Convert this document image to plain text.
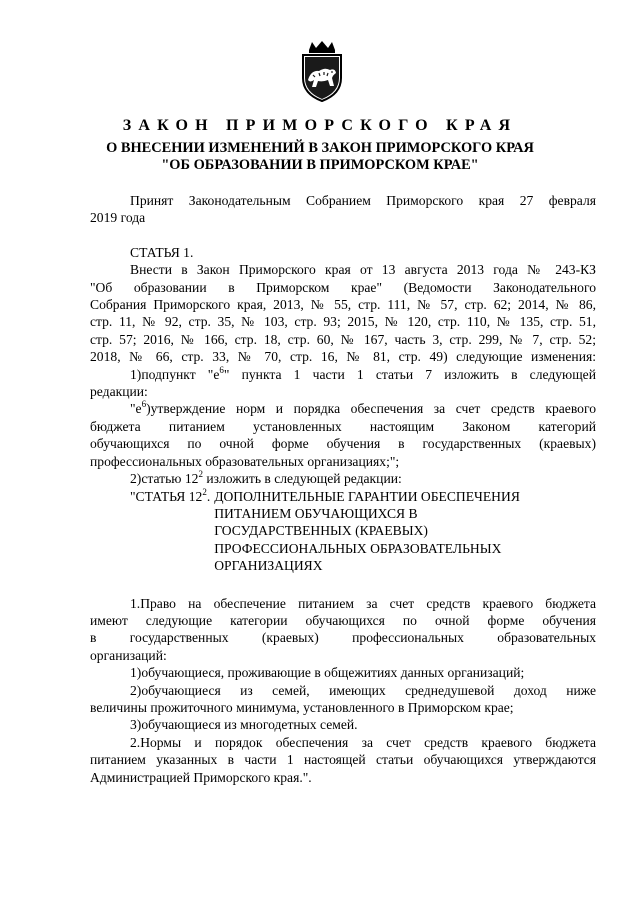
ЗАКОН ПРИМОРСКОГО КРАЯ
О ВНЕСЕНИИ ИЗМЕНЕНИЙ В ЗАКОН ПРИМОРСКОГО КРАЯ
"ОБ ОБРАЗОВАНИИ В ПРИМОРСКОМ КРАЕ"

Принят Законодательным Собранием Приморского края 27 февраля

2019 года

СТАТЬЯ 1.

Внести в Закон Приморского края от 13 августа 2013 года № 243-КЗ

"Об образовании в Приморском крае" (Ведомости Законодательного

Собрания Приморского края, 2013, № 55, стр. 111, № 57, стр. 62; 2014, № 86,

стр. 11, № 92, стр. 35, № 103, стр. 93; 2015, № 120, стр. 110, № 135, стр. 51,

стр. 57; 2016, № 166, стр. 18, стр. 60, № 167, часть 3, стр. 299, № 7, стр. 52;

2018, № 66, стр. 33, № 70, стр. 16, № 81, стр. 49) следующие изменения:

1)подпункт "$е^6$" пункта 1 части 1 статьи 7 изложить в следующей

редакции:

"$е^6)утверждение$ норм и порядка обеспечения за счет средств краевого

бюджета питанием установленных настоящим Законом категорий

обучающихся по очной форме обучения в государственных (краевых)

профессиональных образовательных организациях;";

2)статью $12^2$ изложить в следующей редакции:

"СТАТЬЯ $12^2$. ДОПОЛНИТЕЛЬНЫЕ ГАРАНТИИ ОБЕСПЕЧЕНИЯ
ПИТАНИЕМ ОБУЧАЮЩИХСЯ В
ГОСУДАРСТВЕННЫХ (КРАЕВЫХ)
ПРОФЕССИОНАЛЬНЫХ ОБРАЗОВАТЕЛЬНЫХ
ОРГАНИЗАЦИЯХ

1.Право на обеспечение питанием за счет средств краевого бюджета

имеют следующие категории обучающихся по очной форме обучения

в государственных (краевых) профессиональных образовательных

организаций:

1)обучающиеся, проживающие в общежитиях данных организаций;

2)обучающиеся из семей, имеющих среднедушевой доход ниже

величины прожиточного минимума, установленного в Приморском крае;

3)обучающиеся из многодетных семей.

2.Нормы и порядок обеспечения за счет средств краевого бюджета

питанием указанных в части 1 настоящей статьи обучающихся утверждаются

Администрацией Приморского края.".
